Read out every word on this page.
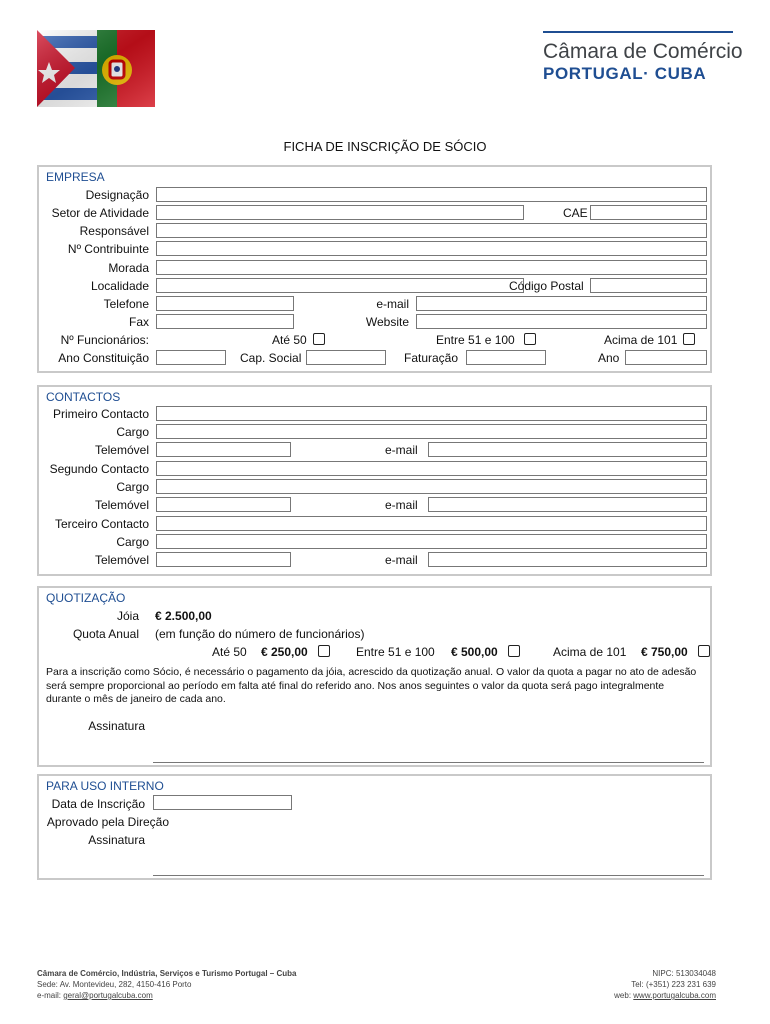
Câmara de Comércio
PORTUGAL· CUBA
FICHA DE INSCRIÇÃO DE SÓCIO
EMPRESA
Designação
Setor de Atividade	CAE
Responsável
Nº Contribuinte
Morada
Localidade	Código Postal
Telefone	e-mail
Fax	Website
Nº Funcionários:	Até 50	Entre 51 e 100	Acima de 101
Ano Constituição	Cap. Social	Faturação	Ano
CONTACTOS
Primeiro Contacto
Cargo
Telemóvel	e-mail
Segundo Contacto
Cargo
Telemóvel	e-mail
Terceiro Contacto
Cargo
Telemóvel	e-mail
QUOTIZAÇÃO
Jóia € 2.500,00
Quota Anual (em função do número de funcionários)
Até 50 € 250,00	Entre 51 e 100 € 500,00	Acima de 101 € 750,00
Para a inscrição como Sócio, é necessário o pagamento da jóia, acrescido da quotização anual. O valor da quota a pagar no ato de adesão
será sempre proporcional ao período em falta até final do referido ano. Nos anos seguintes o valor da quota será pago integralmente
durante o mês de janeiro de cada ano.
Assinatura
PARA USO INTERNO
Data de Inscrição
Aprovado pela Direção
Assinatura
Câmara de Comércio, Indústria, Serviços e Turismo Portugal – Cuba
Sede: Av. Montevideu, 282, 4150-416 Porto
e-mail: geral@portugalcuba.com
NIPC: 513034048
Tel: (+351) 223 231 639
web: www.portugalcuba.com
